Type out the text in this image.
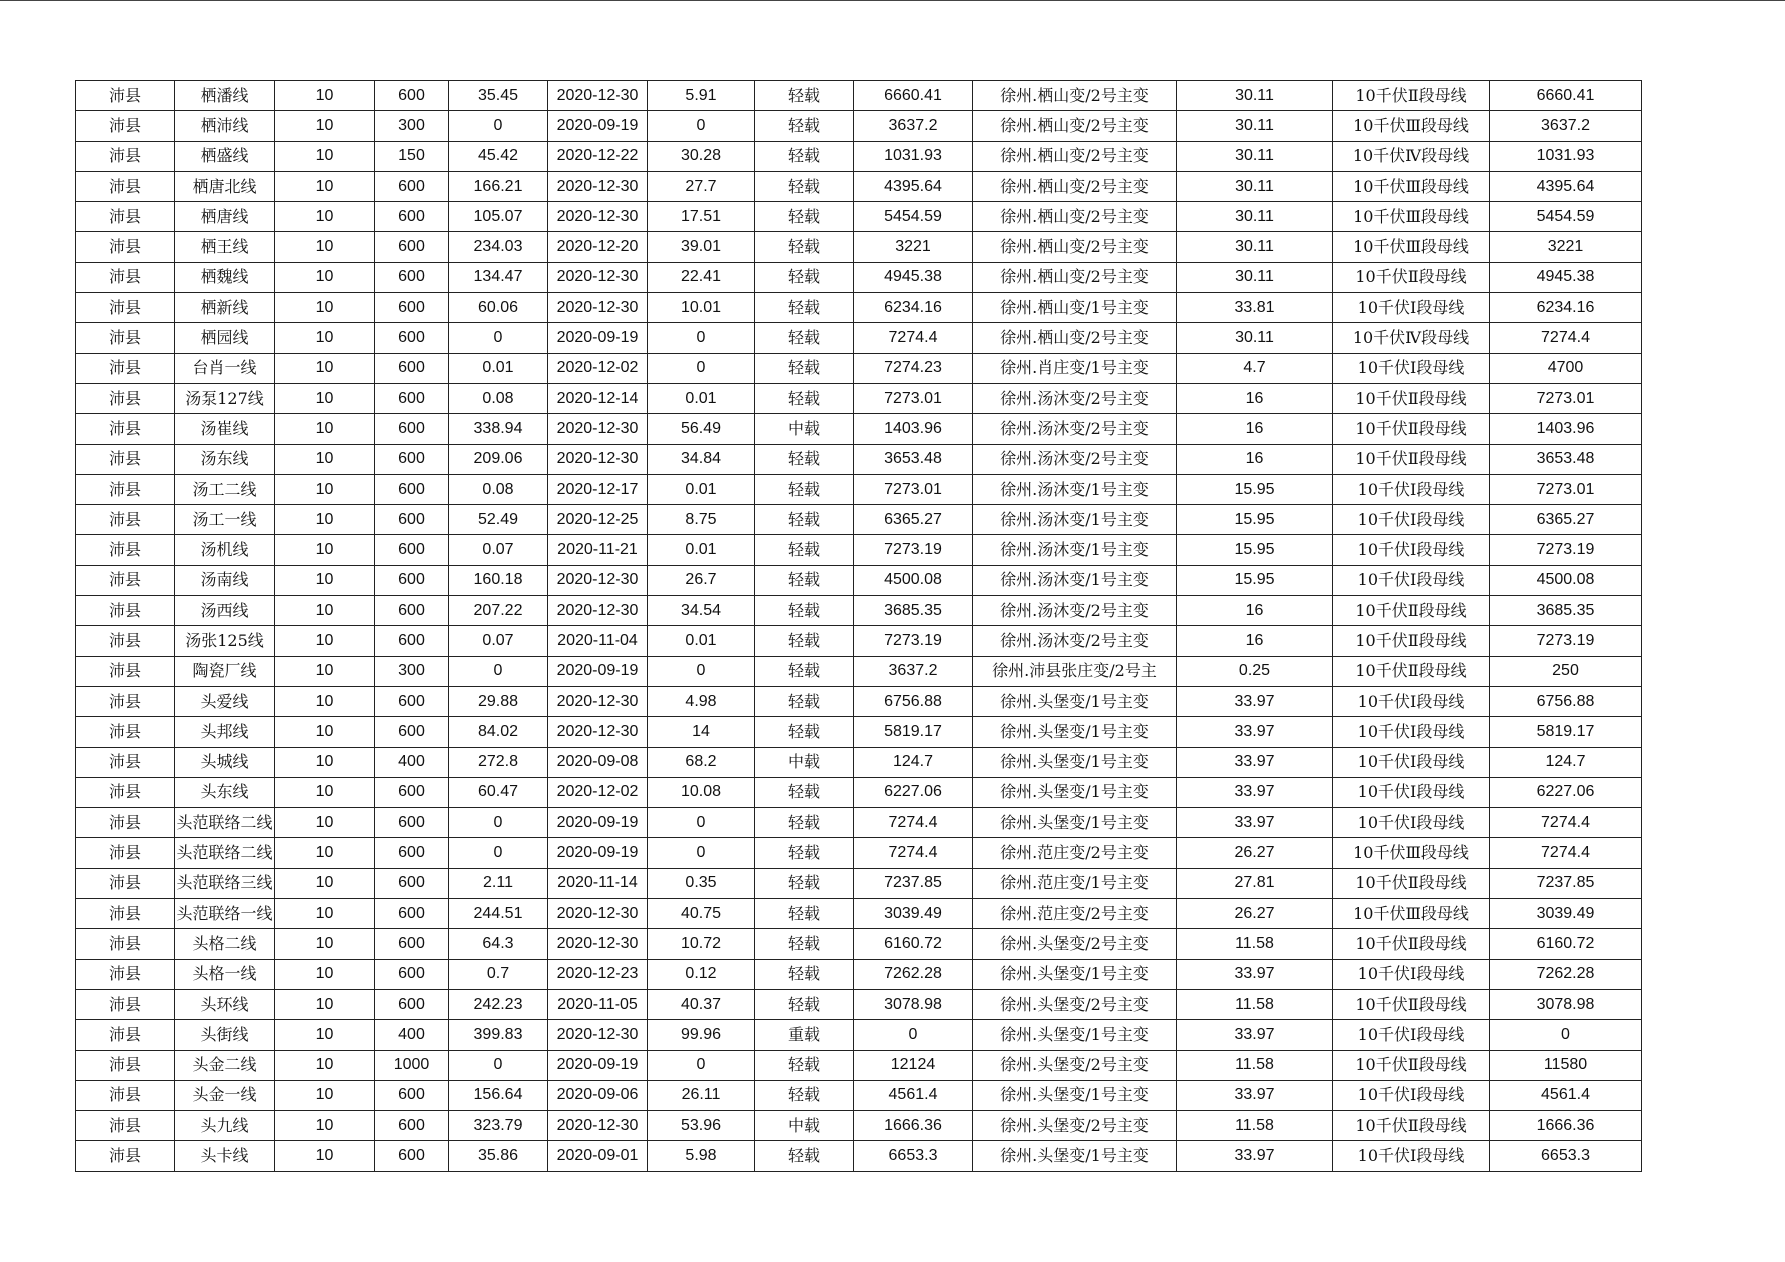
沛县	栖潘线	10	600	35.45	2020-12-30	5.91	轻载	6660.41	徐州.栖山变/2号主变	30.11	10千伏Ⅱ段母线	6660.41
沛县	栖沛线	10	300	0	2020-09-19	0	轻载	3637.2	徐州.栖山变/2号主变	30.11	10千伏Ⅲ段母线	3637.2
沛县	栖盛线	10	150	45.42	2020-12-22	30.28	轻载	1031.93	徐州.栖山变/2号主变	30.11	10千伏Ⅳ段母线	1031.93
沛县	栖唐北线	10	600	166.21	2020-12-30	27.7	轻载	4395.64	徐州.栖山变/2号主变	30.11	10千伏Ⅲ段母线	4395.64
沛县	栖唐线	10	600	105.07	2020-12-30	17.51	轻载	5454.59	徐州.栖山变/2号主变	30.11	10千伏Ⅲ段母线	5454.59
沛县	栖王线	10	600	234.03	2020-12-20	39.01	轻载	3221	徐州.栖山变/2号主变	30.11	10千伏Ⅲ段母线	3221
沛县	栖魏线	10	600	134.47	2020-12-30	22.41	轻载	4945.38	徐州.栖山变/2号主变	30.11	10千伏Ⅱ段母线	4945.38
沛县	栖新线	10	600	60.06	2020-12-30	10.01	轻载	6234.16	徐州.栖山变/1号主变	33.81	10千伏Ⅰ段母线	6234.16
沛县	栖园线	10	600	0	2020-09-19	0	轻载	7274.4	徐州.栖山变/2号主变	30.11	10千伏Ⅳ段母线	7274.4
沛县	台肖一线	10	600	0.01	2020-12-02	0	轻载	7274.23	徐州.肖庄变/1号主变	4.7	10千伏Ⅰ段母线	4700
沛县	汤泵127线	10	600	0.08	2020-12-14	0.01	轻载	7273.01	徐州.汤沐变/2号主变	16	10千伏Ⅱ段母线	7273.01
沛县	汤崔线	10	600	338.94	2020-12-30	56.49	中载	1403.96	徐州.汤沐变/2号主变	16	10千伏Ⅱ段母线	1403.96
沛县	汤东线	10	600	209.06	2020-12-30	34.84	轻载	3653.48	徐州.汤沐变/2号主变	16	10千伏Ⅱ段母线	3653.48
沛县	汤工二线	10	600	0.08	2020-12-17	0.01	轻载	7273.01	徐州.汤沐变/1号主变	15.95	10千伏Ⅰ段母线	7273.01
沛县	汤工一线	10	600	52.49	2020-12-25	8.75	轻载	6365.27	徐州.汤沐变/1号主变	15.95	10千伏Ⅰ段母线	6365.27
沛县	汤机线	10	600	0.07	2020-11-21	0.01	轻载	7273.19	徐州.汤沐变/1号主变	15.95	10千伏Ⅰ段母线	7273.19
沛县	汤南线	10	600	160.18	2020-12-30	26.7	轻载	4500.08	徐州.汤沐变/1号主变	15.95	10千伏Ⅰ段母线	4500.08
沛县	汤西线	10	600	207.22	2020-12-30	34.54	轻载	3685.35	徐州.汤沐变/2号主变	16	10千伏Ⅱ段母线	3685.35
沛县	汤张125线	10	600	0.07	2020-11-04	0.01	轻载	7273.19	徐州.汤沐变/2号主变	16	10千伏Ⅱ段母线	7273.19
沛县	陶瓷厂线	10	300	0	2020-09-19	0	轻载	3637.2	徐州.沛县张庄变/2号主	0.25	10千伏Ⅱ段母线	250
沛县	头爱线	10	600	29.88	2020-12-30	4.98	轻载	6756.88	徐州.头堡变/1号主变	33.97	10千伏Ⅰ段母线	6756.88
沛县	头邦线	10	600	84.02	2020-12-30	14	轻载	5819.17	徐州.头堡变/1号主变	33.97	10千伏Ⅰ段母线	5819.17
沛县	头城线	10	400	272.8	2020-09-08	68.2	中载	124.7	徐州.头堡变/1号主变	33.97	10千伏Ⅰ段母线	124.7
沛县	头东线	10	600	60.47	2020-12-02	10.08	轻载	6227.06	徐州.头堡变/1号主变	33.97	10千伏Ⅰ段母线	6227.06
沛县	头范联络二线	10	600	0	2020-09-19	0	轻载	7274.4	徐州.头堡变/1号主变	33.97	10千伏Ⅰ段母线	7274.4
沛县	头范联络二线	10	600	0	2020-09-19	0	轻载	7274.4	徐州.范庄变/2号主变	26.27	10千伏Ⅲ段母线	7274.4
沛县	头范联络三线	10	600	2.11	2020-11-14	0.35	轻载	7237.85	徐州.范庄变/1号主变	27.81	10千伏Ⅱ段母线	7237.85
沛县	头范联络一线	10	600	244.51	2020-12-30	40.75	轻载	3039.49	徐州.范庄变/2号主变	26.27	10千伏Ⅲ段母线	3039.49
沛县	头格二线	10	600	64.3	2020-12-30	10.72	轻载	6160.72	徐州.头堡变/2号主变	11.58	10千伏Ⅱ段母线	6160.72
沛县	头格一线	10	600	0.7	2020-12-23	0.12	轻载	7262.28	徐州.头堡变/1号主变	33.97	10千伏Ⅰ段母线	7262.28
沛县	头环线	10	600	242.23	2020-11-05	40.37	轻载	3078.98	徐州.头堡变/2号主变	11.58	10千伏Ⅱ段母线	3078.98
沛县	头街线	10	400	399.83	2020-12-30	99.96	重载	0	徐州.头堡变/1号主变	33.97	10千伏Ⅰ段母线	0
沛县	头金二线	10	1000	0	2020-09-19	0	轻载	12124	徐州.头堡变/2号主变	11.58	10千伏Ⅱ段母线	11580
沛县	头金一线	10	600	156.64	2020-09-06	26.11	轻载	4561.4	徐州.头堡变/1号主变	33.97	10千伏Ⅰ段母线	4561.4
沛县	头九线	10	600	323.79	2020-12-30	53.96	中载	1666.36	徐州.头堡变/2号主变	11.58	10千伏Ⅱ段母线	1666.36
沛县	头卡线	10	600	35.86	2020-09-01	5.98	轻载	6653.3	徐州.头堡变/1号主变	33.97	10千伏Ⅰ段母线	6653.3
